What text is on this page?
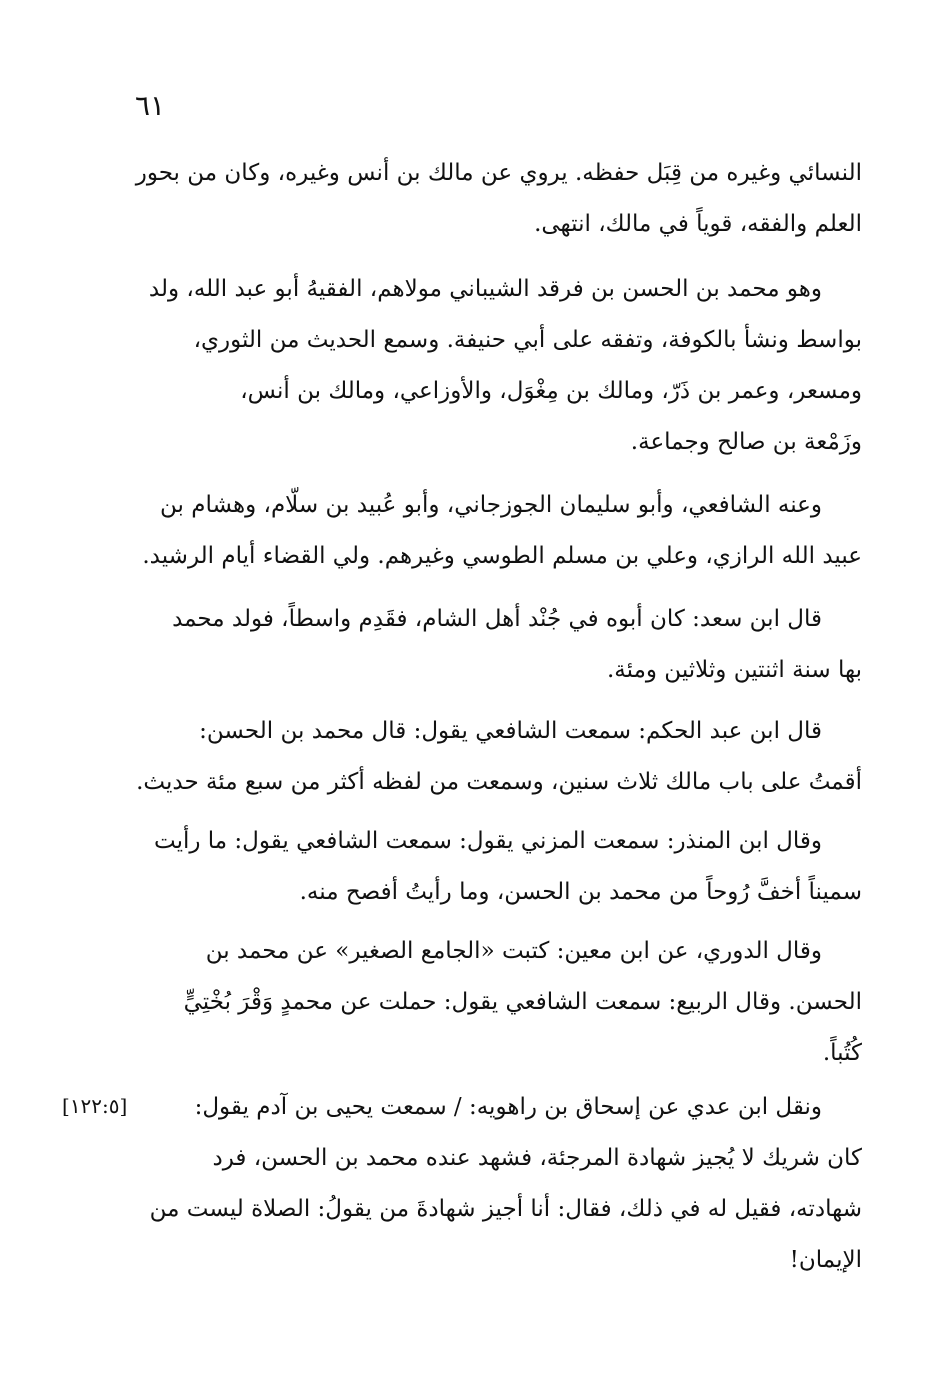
٦١

النسائي وغيره من قِبَل حفظه. يروي عن مالك بن أنس وغيره، وكان من بحور
العلم والفقه، قوياً في مالك، انتهى.

وهو محمد بن الحسن بن فرقد الشيباني مولاهم، الفقيهُ أبو عبد الله، ولد
بواسط ونشأ بالكوفة، وتفقه على أبي حنيفة. وسمع الحديث من الثوري،
ومسعر، وعمر بن ذَرّ، ومالك بن مِغْوَل، والأوزاعي، ومالك بن أنس،
وزَمْعة بن صالح وجماعة.

وعنه الشافعي، وأبو سليمان الجوزجاني، وأبو عُبيد بن سلّام، وهشام بن
عبيد الله الرازي، وعلي بن مسلم الطوسي وغيرهم. ولي القضاء أيام الرشيد.

قال ابن سعد: كان أبوه في جُنْد أهل الشام، فقَدِم واسطاً، فولد محمد
بها سنة اثنتين وثلاثين ومئة.

قال ابن عبد الحكم: سمعت الشافعي يقول: قال محمد بن الحسن:
أقمتُ على باب مالك ثلاث سنين، وسمعت من لفظه أكثر من سبع مئة حديث.

وقال ابن المنذر: سمعت المزني يقول: سمعت الشافعي يقول: ما رأيت
سميناً أخفَّ رُوحاً من محمد بن الحسن، وما رأيتُ أفصح منه.

وقال الدوري، عن ابن معين: كتبت «الجامع الصغير» عن محمد بن
الحسن. وقال الربيع: سمعت الشافعي يقول: حملت عن محمدٍ وَقْرَ بُخْتِيٍّ
كُتُباً.

ونقل ابن عدي عن إسحاق بن راهويه: / سمعت يحيى بن آدم يقول:
كان شريك لا يُجيز شهادة المرجئة، فشهد عنده محمد بن الحسن، فرد
شهادته، فقيل له في ذلك، فقال: أنا أجيز شهادةَ من يقولُ: الصلاة ليست من
الإيمان!

[١٢٢:٥]
